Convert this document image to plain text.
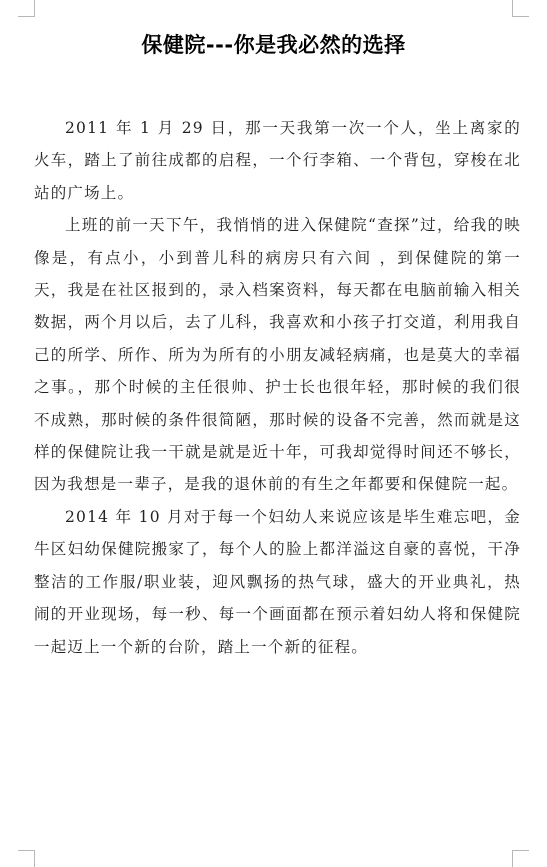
保健院---你是我必然的选择

2011 年 1 月 29 日，那一天我第一次一个人，坐上离家的火车，踏上了前往成都的启程，一个行李箱、一个背包，穿梭在北站的广场上。

上班的前一天下午，我悄悄的进入保健院“查探”过，给我的映像是，有点小，小到普儿科的病房只有六间 ，到保健院的第一天，我是在社区报到的，录入档案资料，每天都在电脑前输入相关数据，两个月以后，去了儿科，我喜欢和小孩子打交道，利用我自己的所学、所作、所为为所有的小朋友减轻病痛，也是莫大的幸福之事。，那个时候的主任很帅、护士长也很年轻，那时候的我们很不成熟，那时候的条件很简陋，那时候的设备不完善，然而就是这样的保健院让我一干就是就是近十年，可我却觉得时间还不够长，因为我想是一辈子，是我的退休前的有生之年都要和保健院一起。

2014 年 10 月对于每一个妇幼人来说应该是毕生难忘吧，金牛区妇幼保健院搬家了，每个人的脸上都洋溢这自豪的喜悦，干净整洁的工作服/职业装，迎风飘扬的热气球，盛大的开业典礼，热闹的开业现场，每一秒、每一个画面都在预示着妇幼人将和保健院一起迈上一个新的台阶，踏上一个新的征程。
